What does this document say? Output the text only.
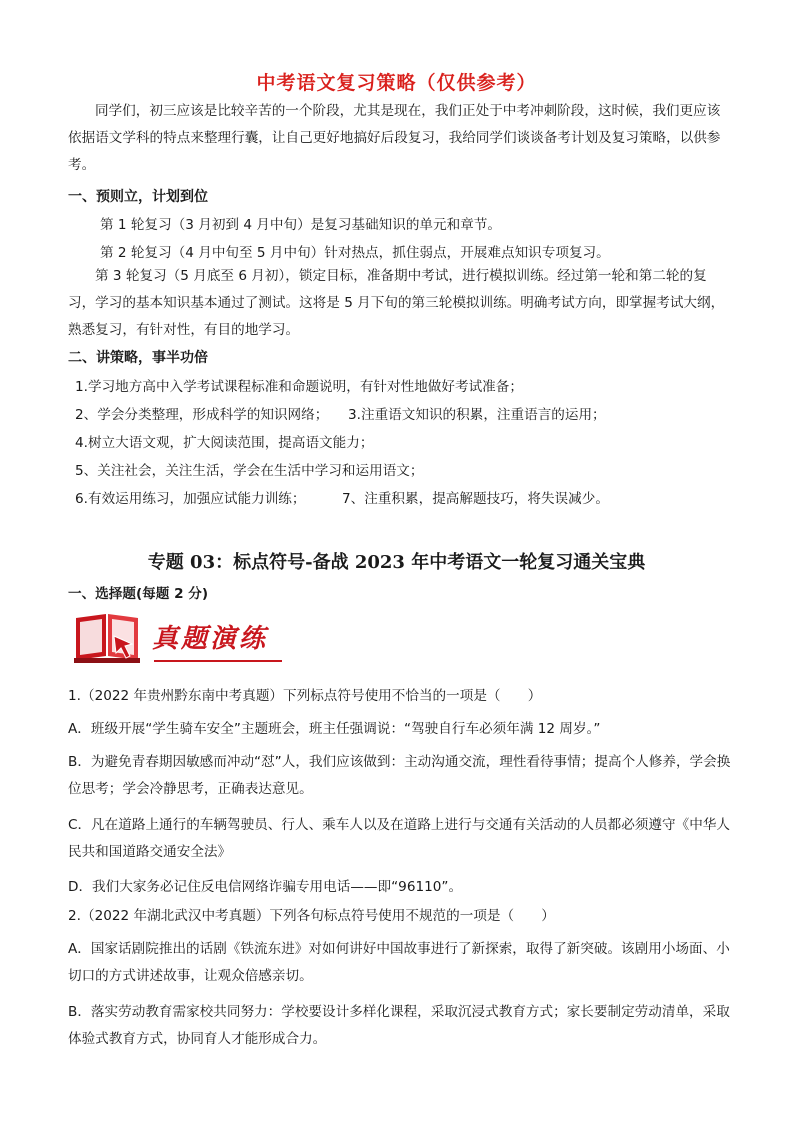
中考语文复习策略（仅供参考）
同学们，初三应该是比较辛苦的一个阶段，尤其是现在，我们正处于中考冲刺阶段，这时候，我们更应该依据语文学科的特点来整理行囊，让自己更好地搞好后段复习，我给同学们谈谈备考计划及复习策略，以供参考。
一、预则立，计划到位
第 1 轮复习（3 月初到 4 月中旬）是复习基础知识的单元和章节。
第 2 轮复习（4 月中旬至 5 月中旬）针对热点，抓住弱点，开展难点知识专项复习。
第 3 轮复习（5 月底至 6 月初），锁定目标，准备期中考试，进行模拟训练。经过第一轮和第二轮的复习，学习的基本知识基本通过了测试。这将是 5 月下旬的第三轮模拟训练。明确考试方向，即掌握考试大纲，熟悉复习，有针对性，有目的地学习。
二、讲策略，事半功倍
1.学习地方高中入学考试课程标准和命题说明，有针对性地做好考试准备；
2、学会分类整理，形成科学的知识网络； 3.注重语文知识的积累，注重语言的运用；
4.树立大语文观，扩大阅读范围，提高语文能力；
5、关注社会，关注生活，学会在生活中学习和运用语文；
6.有效运用练习，加强应试能力训练；	7、注重积累，提高解题技巧，将失误减少。
专题 03：标点符号-备战 2023 年中考语文一轮复习通关宝典
一、选择题(每题 2 分)
真题演练
1.（2022 年贵州黔东南中考真题）下列标点符号使用不恰当的一项是（　　）
A．班级开展“学生骑车安全”主题班会，班主任强调说：“驾驶自行车必须年满 12 周岁。”
B．为避免青春期因敏感而冲动“怼”人，我们应该做到：主动沟通交流，理性看待事情；提高个人修养，学会换位思考；学会冷静思考，正确表达意见。
C．凡在道路上通行的车辆驾驶员、行人、乘车人以及在道路上进行与交通有关活动的人员都必须遵守《中华人民共和国道路交通安全法》
D．我们大家务必记住反电信网络诈骗专用电话——即“96110”。
2.（2022 年湖北武汉中考真题）下列各句标点符号使用不规范的一项是（　　）
A．国家话剧院推出的话剧《铁流东进》对如何讲好中国故事进行了新探索，取得了新突破。该剧用小场面、小切口的方式讲述故事，让观众倍感亲切。
B．落实劳动教育需家校共同努力：学校要设计多样化课程，采取沉浸式教育方式；家长要制定劳动清单，采取体验式教育方式，协同育人才能形成合力。
